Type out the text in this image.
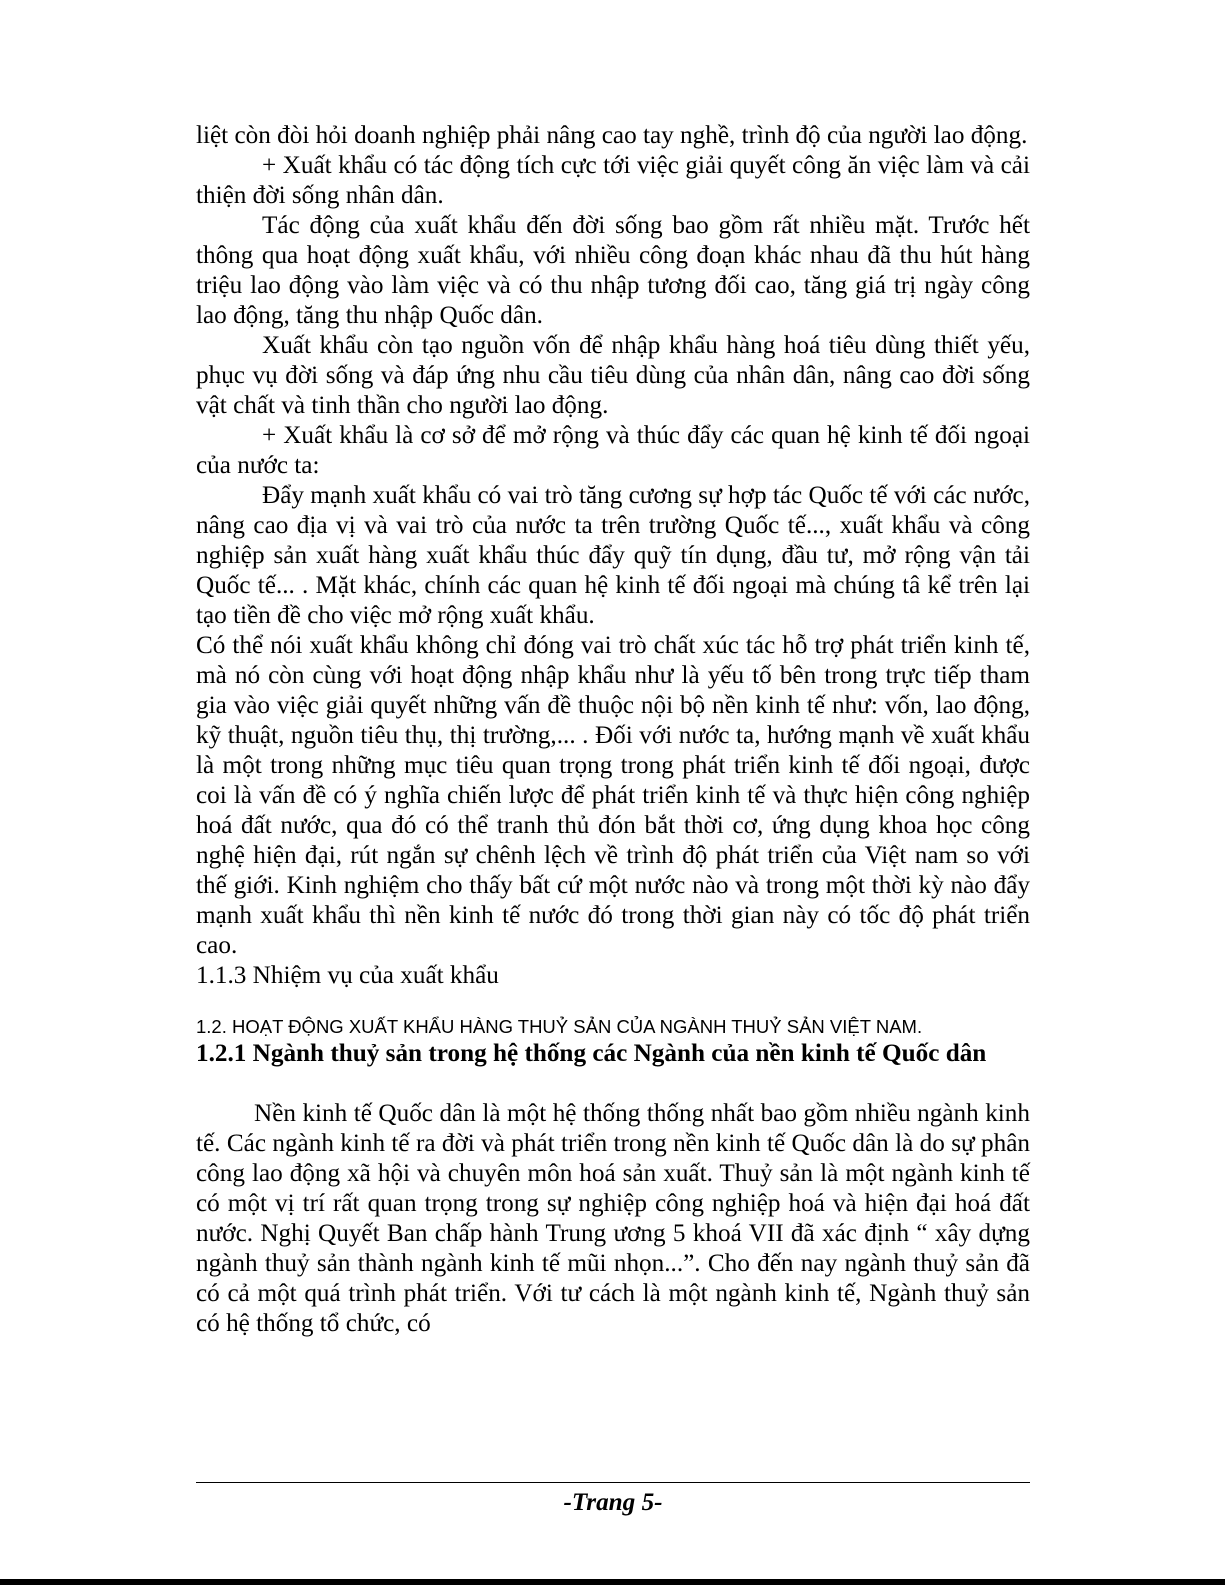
liệt còn đòi hỏi doanh nghiệp phải nâng cao tay nghề, trình độ của người lao động.

+ Xuất khẩu có tác động tích cực tới việc giải quyết công ăn việc làm và cải thiện đời sống nhân dân.

Tác động của xuất khẩu đến đời sống bao gồm rất nhiều mặt. Trước hết thông qua hoạt động xuất khẩu, với nhiều công đoạn khác nhau đã thu hút hàng triệu lao động vào làm việc và có thu nhập tương đối cao, tăng giá trị ngày công lao động, tăng thu nhập Quốc dân.

Xuất khẩu còn tạo nguồn vốn để nhập khẩu hàng hoá tiêu dùng thiết yếu, phục vụ đời sống và đáp ứng nhu cầu tiêu dùng của nhân dân, nâng cao đời sống vật chất và tinh thần cho người lao động.

+ Xuất khẩu là cơ sở để mở rộng và thúc đẩy các quan hệ kinh tế đối ngoại của nước ta:

Đẩy mạnh xuất khẩu có vai trò tăng cương sự hợp tác Quốc tế với các nước, nâng cao địa vị và vai trò của nước ta trên trường Quốc tế..., xuất khẩu và công nghiệp sản xuất hàng xuất khẩu thúc đẩy quỹ tín dụng, đầu tư, mở rộng vận tải Quốc tế... . Mặt khác, chính các quan hệ kinh tế đối ngoại mà chúng tâ kể trên lại tạo tiền đề cho việc mở rộng xuất khẩu.

Có thể nói xuất khẩu không chỉ đóng vai trò chất xúc tác hỗ trợ phát triển kinh tế, mà nó còn cùng với hoạt động nhập khẩu như là yếu tố bên trong trực tiếp tham gia vào việc giải quyết những vấn đề thuộc nội bộ nền kinh tế như: vốn, lao động, kỹ thuật, nguồn tiêu thụ, thị trường,... . Đối với nước ta, hướng mạnh về xuất khẩu là một trong những mục tiêu quan trọng trong phát triển kinh tế đối ngoại, được coi là vấn đề có ý nghĩa chiến lược để phát triển kinh tế và thực hiện công nghiệp hoá đất nước, qua đó có thể tranh thủ đón bắt thời cơ, ứng dụng khoa học công nghệ hiện đại, rút ngắn sự chênh lệch về trình độ phát triển của Việt nam so với thế giới. Kinh nghiệm cho thấy bất cứ một nước nào và trong một thời kỳ nào đẩy mạnh xuất khẩu thì nền kinh tế nước đó trong thời gian này có tốc độ phát triển cao.

1.1.3 Nhiệm vụ của xuất khẩu

1.2. HOẠT ĐỘNG XUẤT KHẨU HÀNG THUỶ SẢN CỦA NGÀNH THUỶ SẢN VIỆT NAM.

1.2.1 Ngành thuỷ sản trong hệ thống các Ngành của nền kinh tế Quốc dân

Nền kinh tế Quốc dân là một hệ thống thống nhất bao gồm nhiều ngành kinh tế. Các ngành kinh tế ra đời và phát triển trong nền kinh tế Quốc dân là do sự phân công lao động xã hội và chuyên môn hoá sản xuất. Thuỷ sản là một ngành kinh tế có một vị trí rất quan trọng trong sự nghiệp công nghiệp hoá và hiện đại hoá đất nước. Nghị Quyết Ban chấp hành Trung ương 5 khoá VII đã xác định “ xây dựng ngành thuỷ sản thành ngành kinh tế mũi nhọn...”. Cho đến nay ngành thuỷ sản đã có cả một quá trình phát triển. Với tư cách là một ngành kinh tế, Ngành thuỷ sản có hệ thống tổ chức, có

-Trang 5-
